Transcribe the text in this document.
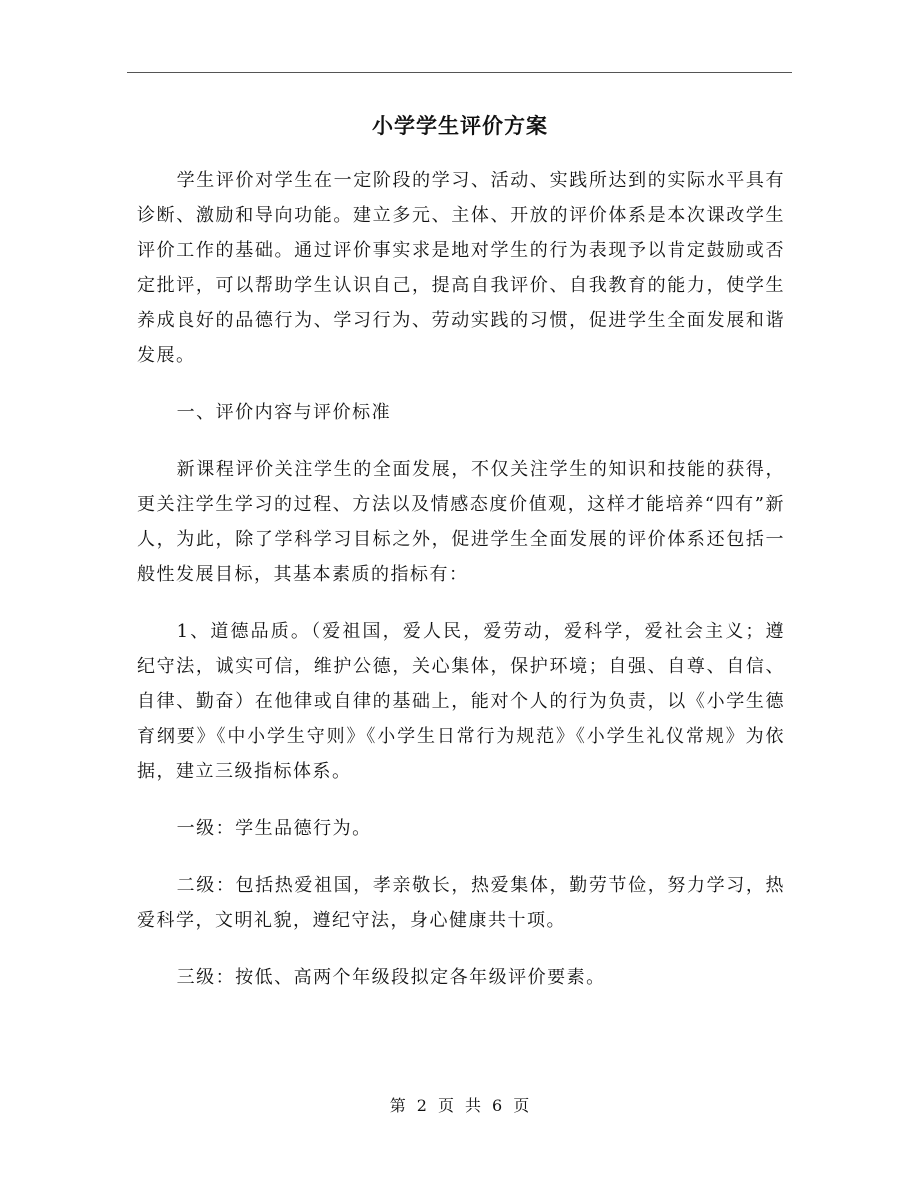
小学学生评价方案

学生评价对学生在一定阶段的学习、活动、实践所达到的实际水平具有诊断、激励和导向功能。建立多元、主体、开放的评价体系是本次课改学生评价工作的基础。通过评价事实求是地对学生的行为表现予以肯定鼓励或否定批评，可以帮助学生认识自己，提高自我评价、自我教育的能力，使学生养成良好的品德行为、学习行为、劳动实践的习惯，促进学生全面发展和谐发展。

一、评价内容与评价标准

新课程评价关注学生的全面发展，不仅关注学生的知识和技能的获得，更关注学生学习的过程、方法以及情感态度价值观，这样才能培养“四有”新人，为此，除了学科学习目标之外，促进学生全面发展的评价体系还包括一般性发展目标，其基本素质的指标有：

1、道德品质。（爱祖国，爱人民，爱劳动，爱科学，爱社会主义；遵纪守法，诚实可信，维护公德，关心集体，保护环境；自强、自尊、自信、自律、勤奋）在他律或自律的基础上，能对个人的行为负责，以《小学生德育纲要》《中小学生守则》《小学生日常行为规范》《小学生礼仪常规》为依据，建立三级指标体系。

一级：学生品德行为。

二级：包括热爱祖国，孝亲敬长，热爱集体，勤劳节俭，努力学习，热爱科学，文明礼貌，遵纪守法，身心健康共十项。

三级：按低、高两个年级段拟定各年级评价要素。

第 2 页 共 6 页
